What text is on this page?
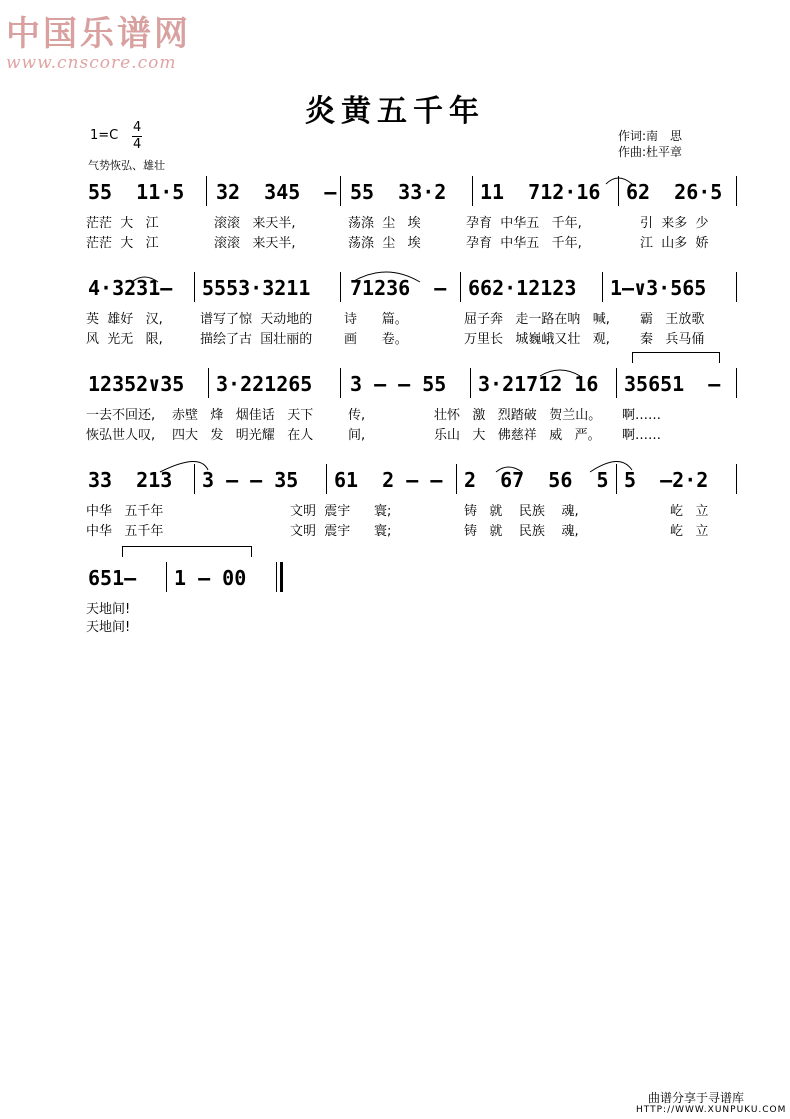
中国乐谱网
www.cnscore.com
炎黄五千年
1=C
4
4
气势恢弘、雄壮
作词:南　思
作曲:杜平章
55  11·5 32  345  – 55  33·2 11  712·16 62  26·5
茫茫  大   江	滚滚   来天半,	荡涤  尘   埃	孕育  中华五   千年,	引  来多  少
茫茫  大   江	滚滚   来天半,	荡涤  尘   埃	孕育  中华五   千年,	江  山多  娇
4·3231– 5553·3211 71236  – 662·12123 1–∨3·565
英  雄好   汉,	谱写了惊  天动地的 诗      篇。	屈子奔   走一路在呐   喊, 霸   王放歌
风  光无   限,	描绘了古  国壮丽的 画      卷。	万里长   城巍峨又壮   观, 秦   兵马俑
12352∨35 3·221265 3 – – 55 3·21712 16 35651  –
一去不回还, 赤壁   烽   烟佳话   天下	传,	壮怀   激   烈踏破   贺兰山。 啊……
恢弘世人叹, 四大   发   明光耀   在人	间,	乐山   大   佛慈祥   威   严。 啊……
33  213 3 – – 35 61  2 – – 2  67  56  5 5  –2·2
中华   五千年	文明  震宇 寰;	铸   就    民族    魂,	屹   立
中华   五千年	文明  震宇 寰;	铸   就    民族    魂,	屹   立
651– 1 – 00
天地间!
天地间!
曲谱分享于寻谱库
HTTP://WWW.XUNPUKU.COM
